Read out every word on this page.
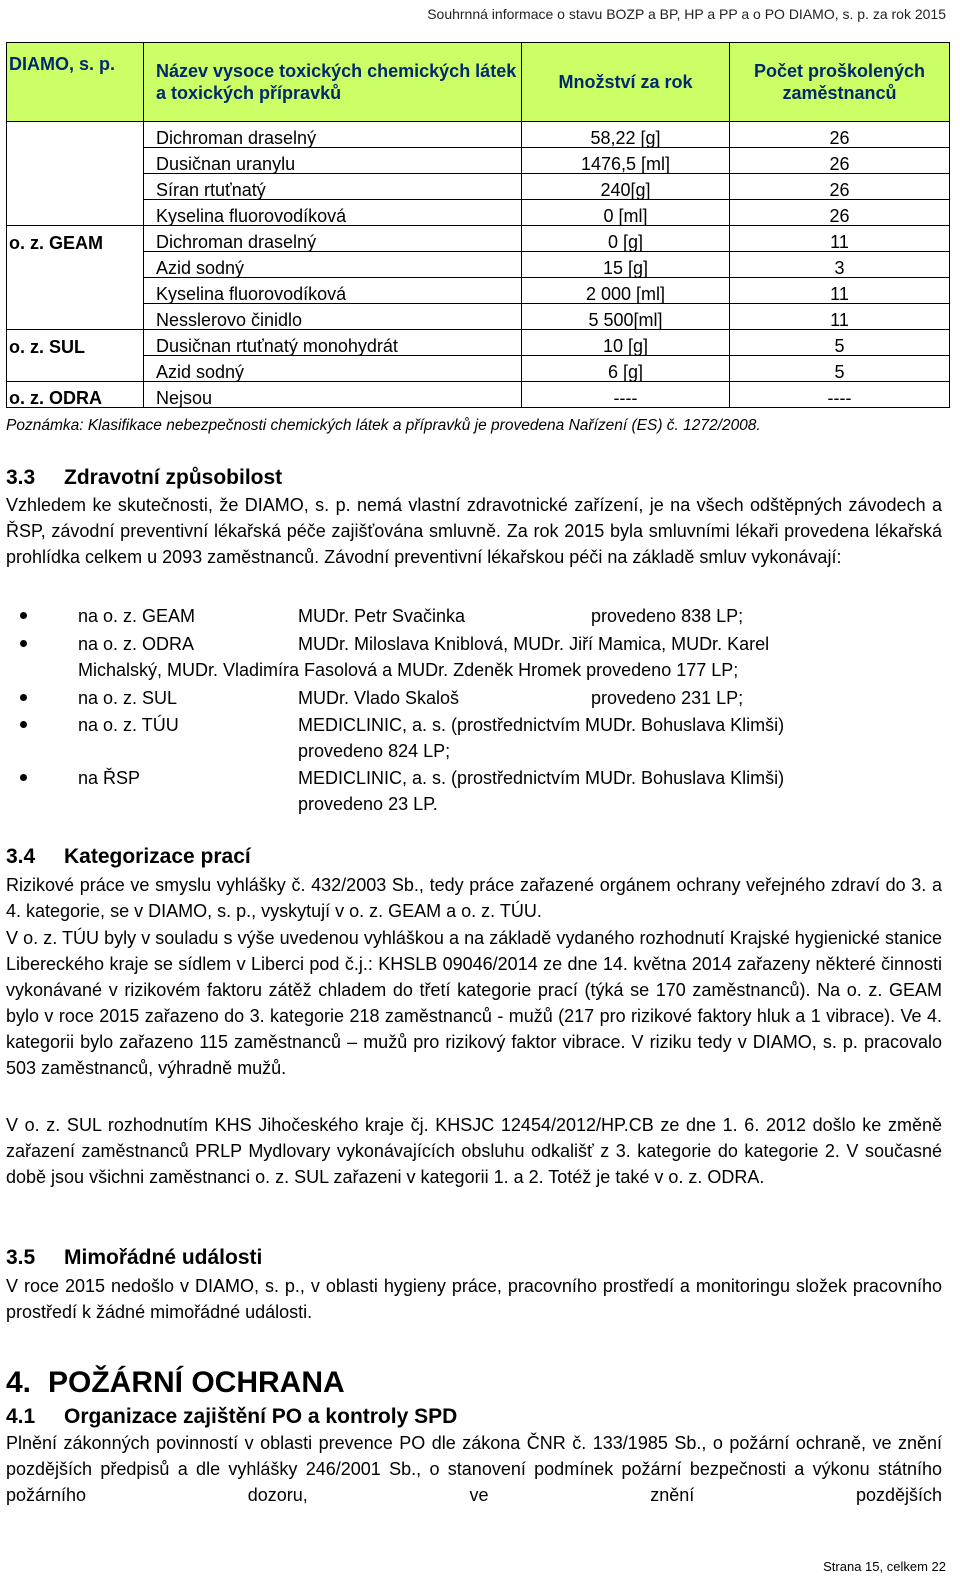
Souhrnná informace o stavu BOZP a BP, HP a PP a o PO DIAMO, s. p. za rok 2015
DIAMO, s. p.	Název vysoce toxických chemických látek a toxických přípravků	Množství za rok	Počet proškolených zaměstnanců
	Dichroman draselný	58,22 [g]	26
	Dusičnan uranylu	1476,5 [ml]	26
	Síran rtuťnatý	240[g]	26
	Kyselina fluorovodíková	0 [ml]	26
o. z. GEAM	Dichroman draselný	0 [g]	11
	Azid sodný	15 [g]	3
	Kyselina fluorovodíková	2 000 [ml]	11
	Nesslerovo činidlo	5 500[ml]	11
o. z. SUL	Dusičnan rtuťnatý monohydrát	10 [g]	5
	Azid sodný	6 [g]	5
o. z. ODRA	Nejsou	----	----
Poznámka: Klasifikace nebezpečnosti chemických látek a přípravků je provedena Nařízení (ES) č. 1272/2008.
3.3 Zdravotní způsobilost

Vzhledem ke skutečnosti, že DIAMO, s. p. nemá vlastní zdravotnické zařízení, je na všech odštěpných závodech a ŘSP, závodní preventivní lékařská péče zajišťována smluvně. Za rok 2015 byla smluvními lékaři provedena lékařská prohlídka celkem u 2093 zaměstnanců. Závodní preventivní lékařskou péči na základě smluv vykonávají:

na o. z. GEAM	MUDr. Petr Svačinka	provedeno 838 LP;
na o. z. ODRA	MUDr. Miloslava Kniblová, MUDr. Jiří Mamica, MUDr. Karel
Michalský, MUDr. Vladimíra Fasolová a MUDr. Zdeněk Hromek provedeno 177 LP;
na o. z. SUL	MUDr. Vlado Skaloš	provedeno 231 LP;
na o. z. TÚU	MEDICLINIC, a. s. (prostřednictvím MUDr. Bohuslava Klimši)
provedeno 824 LP;
na ŘSP	MEDICLINIC, a. s. (prostřednictvím MUDr. Bohuslava Klimši)
provedeno 23 LP.
3.4 Kategorizace prací

Rizikové práce ve smyslu vyhlášky č. 432/2003 Sb., tedy práce zařazené orgánem ochrany veřejného zdraví do 3. a 4. kategorie, se v DIAMO, s. p., vyskytují v o. z. GEAM a o. z. TÚU.

V o. z. TÚU byly v souladu s výše uvedenou vyhláškou a na základě vydaného rozhodnutí Krajské hygienické stanice Libereckého kraje se sídlem v Liberci pod č.j.: KHSLB 09046/2014 ze dne 14. května 2014 zařazeny některé činnosti vykonávané v rizikovém faktoru zátěž chladem do třetí kategorie prací (týká se 170 zaměstnanců). Na o. z. GEAM bylo v roce 2015 zařazeno do 3. kategorie 218 zaměstnanců - mužů (217 pro rizikové faktory hluk a 1 vibrace). Ve 4. kategorii bylo zařazeno 115 zaměstnanců – mužů pro rizikový faktor vibrace. V riziku tedy v DIAMO, s. p. pracovalo 503 zaměstnanců, výhradně mužů.

V o. z. SUL rozhodnutím KHS Jihočeského kraje čj. KHSJC 12454/2012/HP.CB ze dne 1. 6. 2012 došlo ke změně zařazení zaměstnanců PRLP Mydlovary vykonávajících obsluhu odkališť z 3. kategorie do kategorie 2. V současné době jsou všichni zaměstnanci o. z. SUL zařazeni v kategorii 1. a 2. Totéž je také v o. z. ODRA.

3.5 Mimořádné události

V roce 2015 nedošlo v DIAMO, s. p., v oblasti hygieny práce, pracovního prostředí a monitoringu složek pracovního prostředí k žádné mimořádné události.

4. POŽÁRNÍ OCHRANA
4.1 Organizace zajištění PO a kontroly SPD

Plnění zákonných povinností v oblasti prevence PO dle zákona ČNR č. 133/1985 Sb., o požární ochraně, ve znění pozdějších předpisů a dle vyhlášky 246/2001 Sb., o stanovení podmínek požární bezpečnosti a výkonu státního požárního dozoru, ve znění pozdějších

Strana 15, celkem 22
